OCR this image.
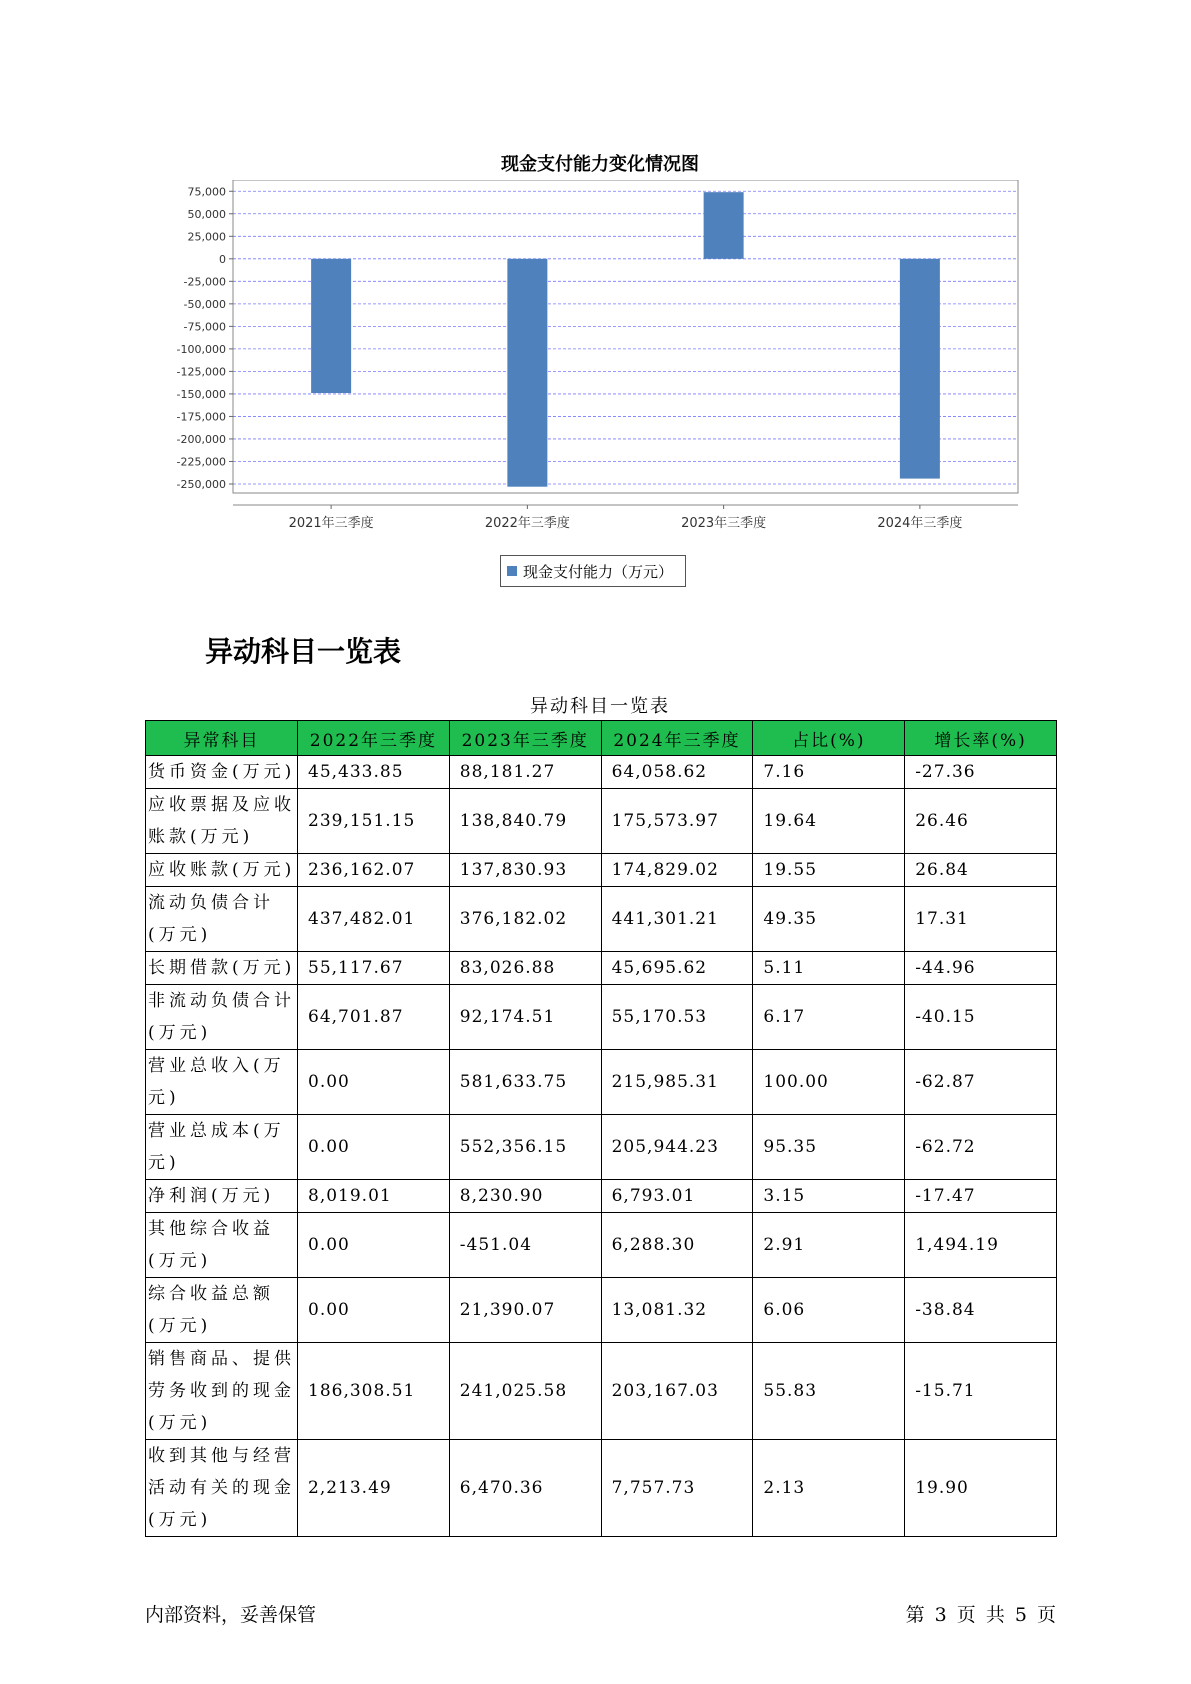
现金支付能力变化情况图
75,000
50,000
25,000
0
-25,000
-50,000
-75,000
-100,000
-125,000
-150,000
-175,000
-200,000
-225,000
-250,000
2021年三季度	2022年三季度	2023年三季度	2024年三季度
现金支付能力（万元）
异动科目一览表
异动科目一览表
异常科目	2022年三季度	2023年三季度	2024年三季度	占比(%)	增长率(%)
货币资金(万元)	45,433.85	88,181.27	64,058.62	7.16	-27.36
应收票据及应收账款(万元)	239,151.15	138,840.79	175,573.97	19.64	26.46
应收账款(万元)	236,162.07	137,830.93	174,829.02	19.55	26.84
流动负债合计(万元)	437,482.01	376,182.02	441,301.21	49.35	17.31
长期借款(万元)	55,117.67	83,026.88	45,695.62	5.11	-44.96
非流动负债合计(万元)	64,701.87	92,174.51	55,170.53	6.17	-40.15
营业总收入(万元)	0.00	581,633.75	215,985.31	100.00	-62.87
营业总成本(万元)	0.00	552,356.15	205,944.23	95.35	-62.72
净利润(万元)	8,019.01	8,230.90	6,793.01	3.15	-17.47
其他综合收益(万元)	0.00	-451.04	6,288.30	2.91	1,494.19
综合收益总额(万元)	0.00	21,390.07	13,081.32	6.06	-38.84
销售商品、提供劳务收到的现金(万元)	186,308.51	241,025.58	203,167.03	55.83	-15.71
收到其他与经营活动有关的现金(万元)	2,213.49	6,470.36	7,757.73	2.13	19.90
内部资料，妥善保管	第 3 页 共 5 页
